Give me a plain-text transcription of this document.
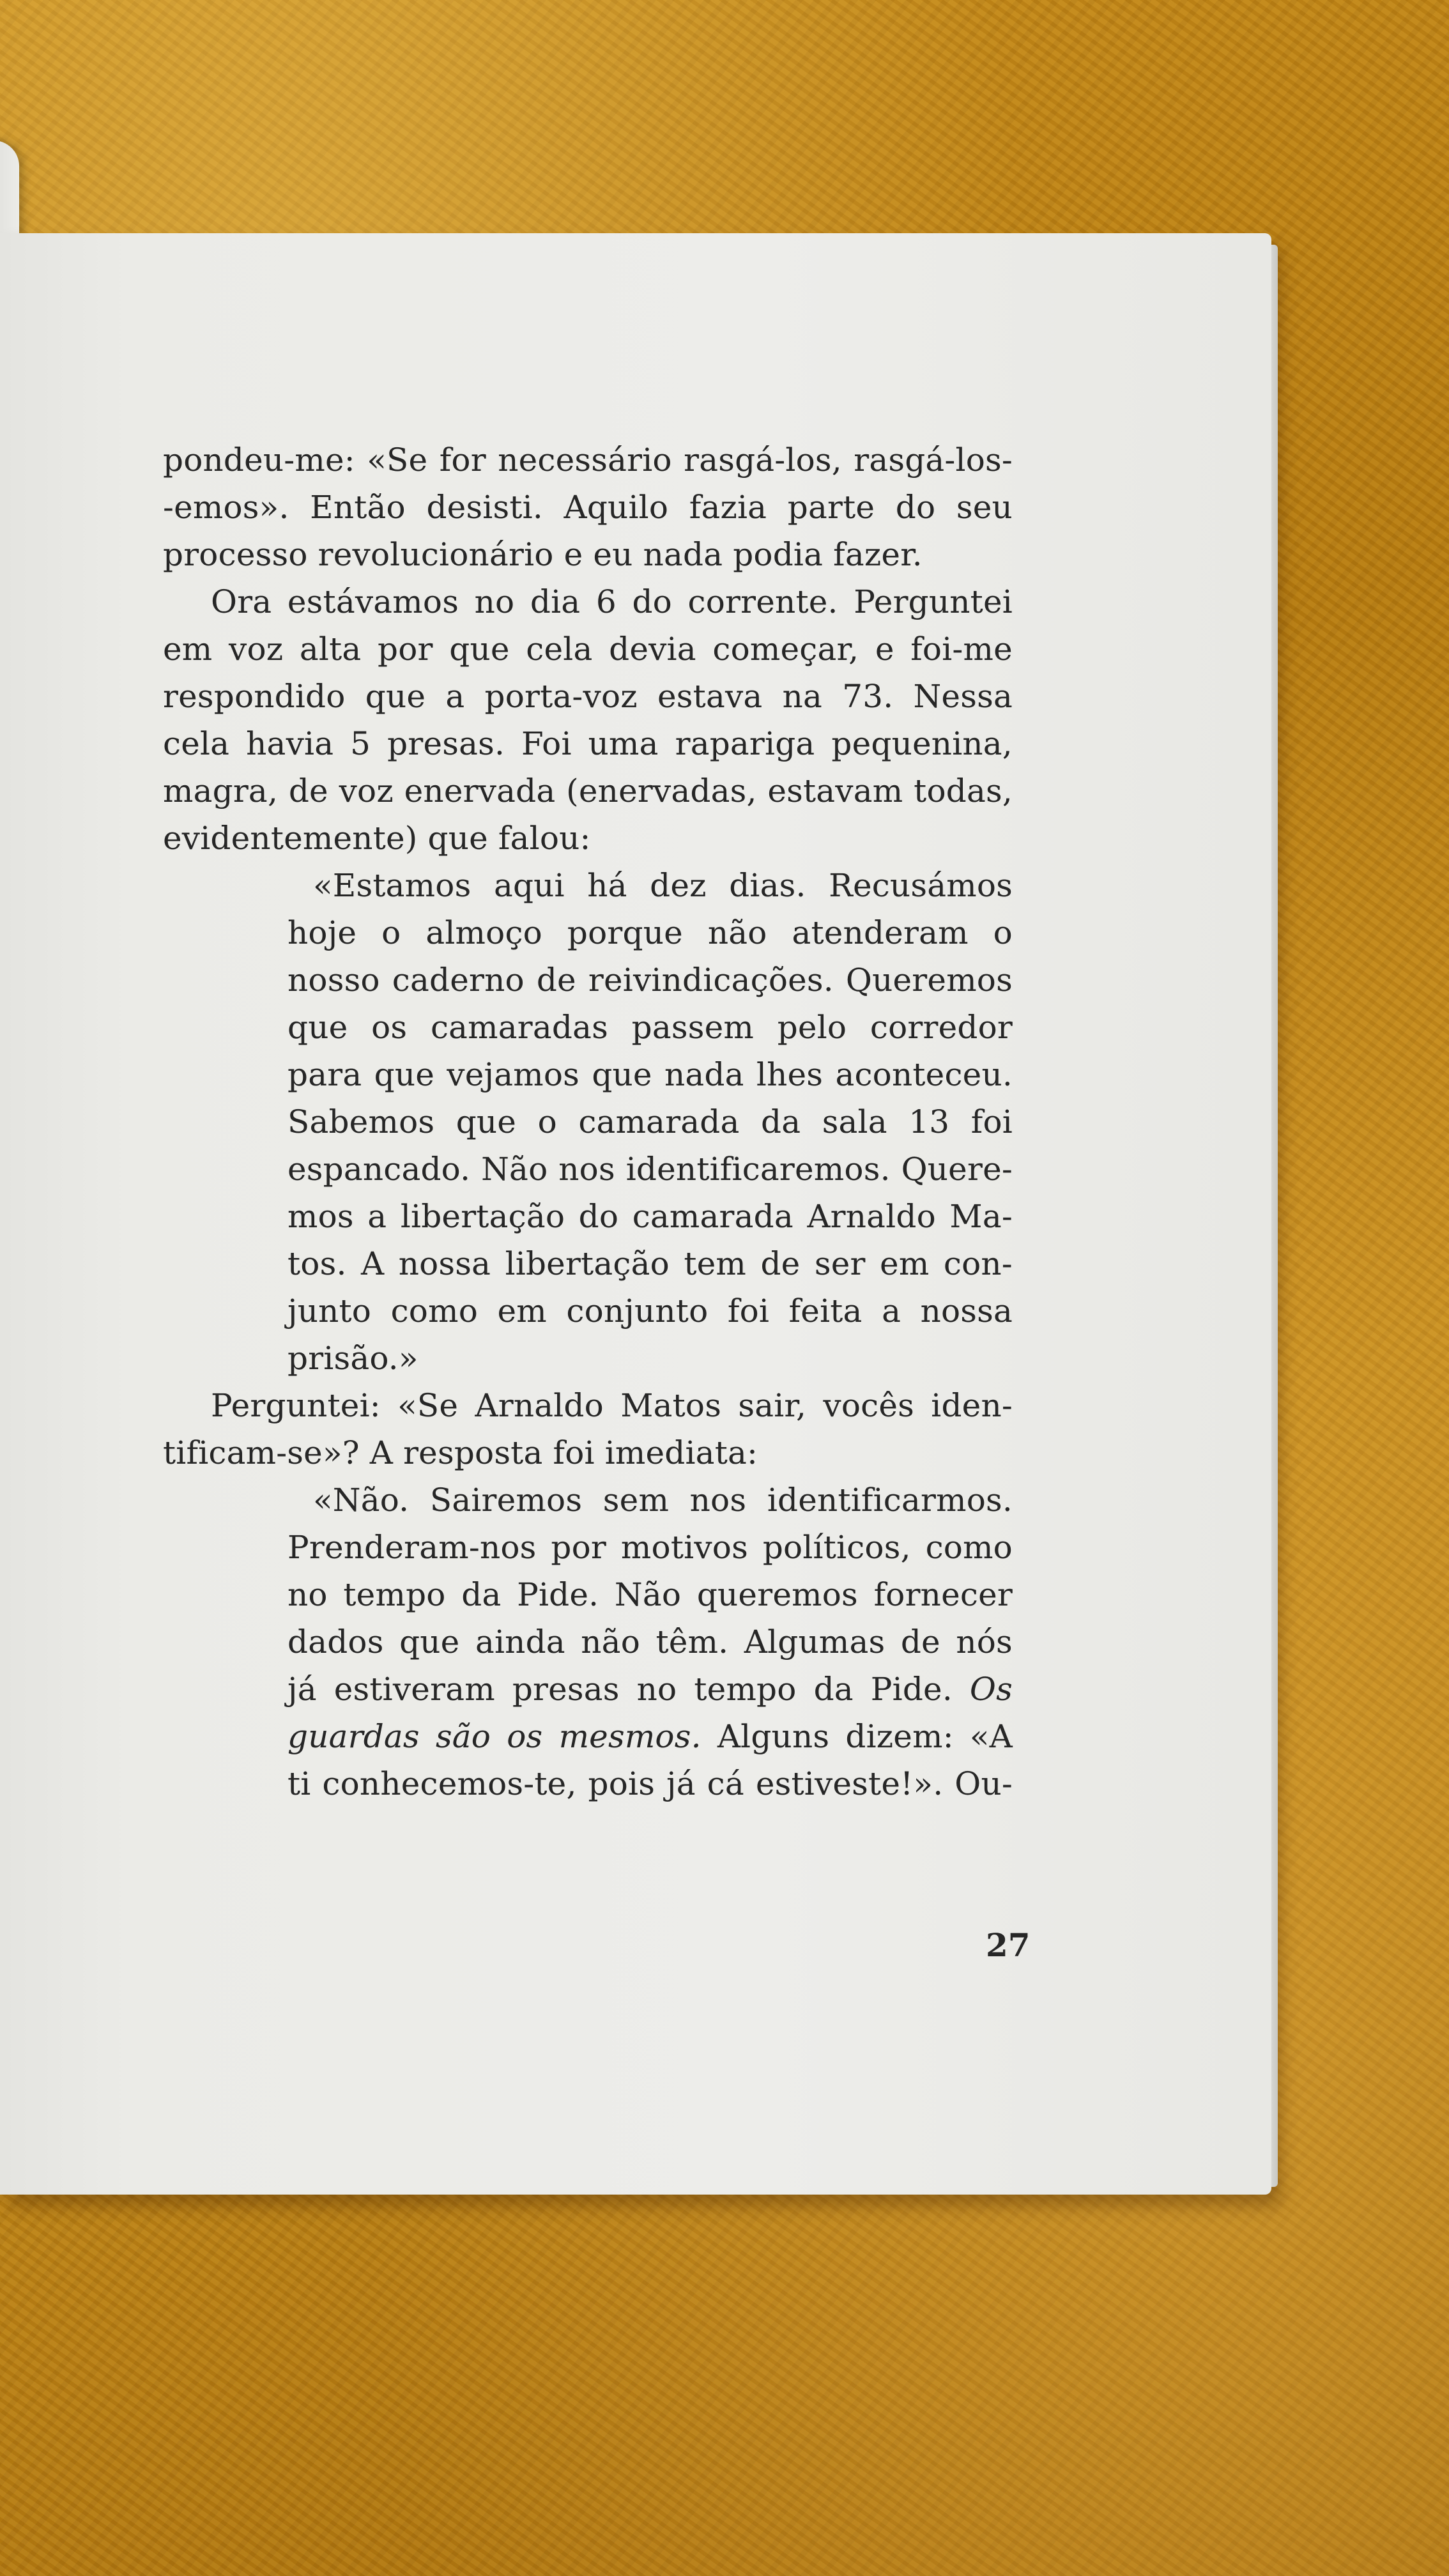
pondeu-me: «Se for necessário rasgá-los, rasgá-los-
-emos». Então desisti. Aquilo fazia parte do seu
processo revolucionário e eu nada podia fazer.
Ora estávamos no dia 6 do corrente. Perguntei
em voz alta por que cela devia começar, e foi-me
respondido que a porta-voz estava na 73. Nessa
cela havia 5 presas. Foi uma rapariga pequenina,
magra, de voz enervada (enervadas, estavam todas,
evidentemente) que falou:
«Estamos aqui há dez dias. Recusámos
hoje o almoço porque não atenderam o
nosso caderno de reivindicações. Queremos
que os camaradas passem pelo corredor
para que vejamos que nada lhes aconteceu.
Sabemos que o camarada da sala 13 foi
espancado. Não nos identificaremos. Quere-
mos a libertação do camarada Arnaldo Ma-
tos. A nossa libertação tem de ser em con-
junto como em conjunto foi feita a nossa
prisão.»
Perguntei: «Se Arnaldo Matos sair, vocês iden-
tificam-se»? A resposta foi imediata:
«Não. Sairemos sem nos identificarmos.
Prenderam-nos por motivos políticos, como
no tempo da Pide. Não queremos fornecer
dados que ainda não têm. Algumas de nós
já estiveram presas no tempo da Pide. Os
guardas são os mesmos. Alguns dizem: «A
ti conhecemos-te, pois já cá estiveste!». Ou-
27
